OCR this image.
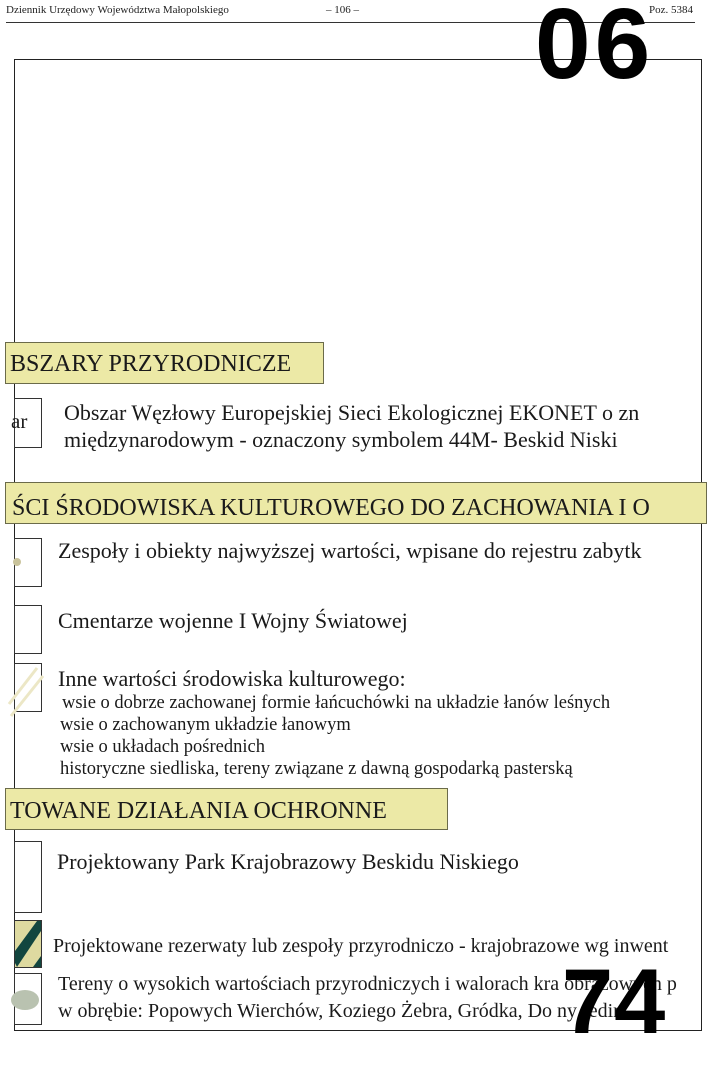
Dziennik Urzędowy Województwa Małopolskiego	– 106 –	Poz. 5384
06
BSZARY PRZYRODNICZE
ar Obszar Węzłowy Europejskiej Sieci Ekologicznej EKONET o zn
międzynarodowym - oznaczony symbolem 44M- Beskid Niski
ŚCI ŚRODOWISKA KULTUROWEGO DO ZACHOWANIA I O
Zespoły i obiekty najwyższej wartości, wpisane do rejestru zabytk
Cmentarze wojenne I Wojny Światowej
Inne wartości środowiska kulturowego:
wsie o dobrze zachowanej formie łańcuchówki na układzie łanów leśnych
wsie o zachowanym układzie łanowym
wsie o układach pośrednich
historyczne siedliska, tereny związane z dawną gospodarką pasterską
TOWANE DZIAŁANIA OCHRONNE
Projektowany Park Krajobrazowy Beskidu Niskiego
Projektowane rezerwaty lub zespoły przyrodniczo - krajobrazowe wg inwent
Tereny o wysokich wartościach przyrodniczych i walorach kra obrazowych p
w obrębie: Popowych Wierchów, Koziego Żebra, Gródka, Do ny Iedin
74
